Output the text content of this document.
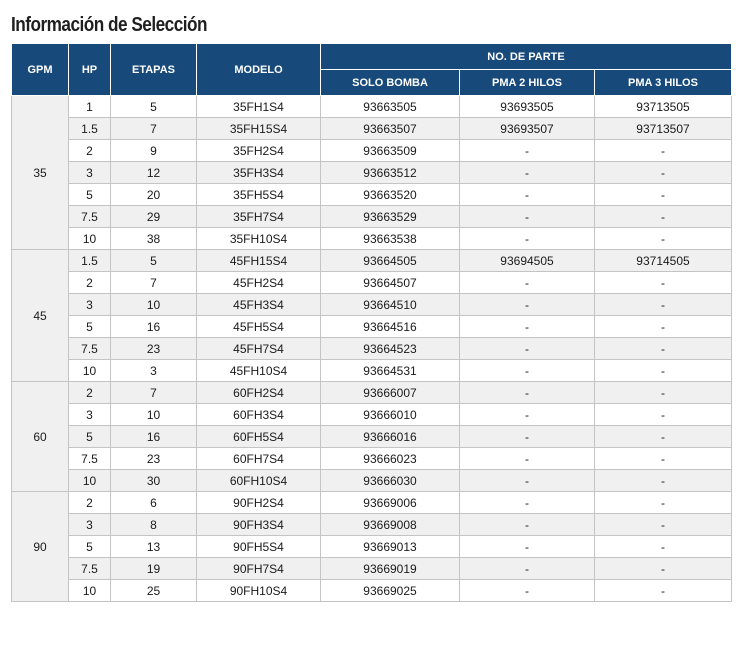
Información de Selección
GPM	HP	ETAPAS	MODELO	NO. DE PARTE		
				SOLO BOMBA	PMA 2 HILOS	PMA 3 HILOS
35	1	5	35FH1S4	93663505	93693505	93713505
	1.5	7	35FH15S4	93663507	93693507	93713507
	2	9	35FH2S4	93663509	-	-
	3	12	35FH3S4	93663512	-	-
	5	20	35FH5S4	93663520	-	-
	7.5	29	35FH7S4	93663529	-	-
	10	38	35FH10S4	93663538	-	-
45	1.5	5	45FH15S4	93664505	93694505	93714505
	2	7	45FH2S4	93664507	-	-
	3	10	45FH3S4	93664510	-	-
	5	16	45FH5S4	93664516	-	-
	7.5	23	45FH7S4	93664523	-	-
	10	3	45FH10S4	93664531	-	-
60	2	7	60FH2S4	93666007	-	-
	3	10	60FH3S4	93666010	-	-
	5	16	60FH5S4	93666016	-	-
	7.5	23	60FH7S4	93666023	-	-
	10	30	60FH10S4	93666030	-	-
90	2	6	90FH2S4	93669006	-	-
	3	8	90FH3S4	93669008	-	-
	5	13	90FH5S4	93669013	-	-
	7.5	19	90FH7S4	93669019	-	-
	10	25	90FH10S4	93669025	-	-
